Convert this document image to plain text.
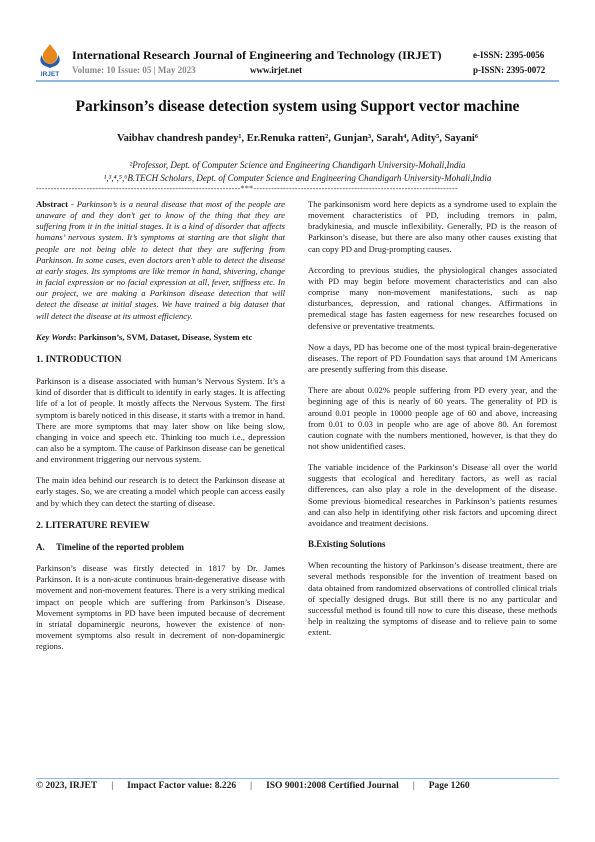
IRJET
International Research Journal of Engineering and Technology (IRJET)
Volume: 10 Issue: 05 | May 2023	www.irjet.net
e-ISSN: 2395-0056
p-ISSN: 2395-0072
Parkinson’s disease detection system using Support vector machine
Vaibhav chandresh pandey¹, Er.Renuka ratten², Gunjan³, Sarah⁴, Adity⁵, Sayani⁶
²Professor, Dept. of Computer Science and Engineering Chandigarh University-Mohali,India
¹,³,⁴,⁵,⁶B.TECH Scholars, Dept. of Computer Science and Engineering Chandigarh University-Mohali,India
---------------------------------------------------------------------***---------------------------------------------------------------------

Abstract - Parkinson’s is a neural disease that most of the people are unaware of and they don’t get to know of the thing that they are suffering from it in the initial stages. It is a kind of disorder that affects humans’ nervous system. It’s symptoms at starting are that slight that people are not being able to detect that they are suffering from Parkinson. In some cases, even doctors aren’t able to detect the disease at early stages. Its symptoms are like tremor in hand, shivering, change in facial expression or no facial expression at all, fever, stiffness etc. In our project, we are making a Parkinson disease detection that will detect the disease at initial stages. We have trained a big dataset that will detect the disease at its utmost efficiency.

Key Words: Parkinson’s, SVM, Dataset, Disease, System etc

1. INTRODUCTION

Parkinson is a disease associated with human’s Nervous System. It’s a kind of disorder that is difficult to identify in early stages. It is affecting life of a lot of people. It mostly affects the Nervous System. The first symptom is barely noticed in this disease, it starts with a tremor in hand. There are more symptoms that may later show on like being slow, changing in voice and speech etc. Thinking too much i.e., depression can also be a symptom. The cause of Parkinson disease can be genetical and environment triggering our nervous system.

The main idea behind our research is to detect the Parkinson disease at early stages. So, we are creating a model which people can access easily and by which they can detect the starting of disease.

2. LITERATURE REVIEW
A. Timeline of the reported problem

Parkinson’s disease was firstly detected in 1817 by Dr. James Parkinson. It is a non-acute continuous brain-degenerative disease with movement and non-movement features. There is a very striking medical impact on people which are suffering from Parkinson’s Disease. Movement symptoms in PD have been imputed because of decrement in striatal dopaminergic neurons, however the existence of non-movement symptoms also result in decrement of non-dopaminergic regions.

The parkinsonism word here depicts as a syndrome used to explain the movement characteristics of PD, including tremors in palm, bradykinesia, and muscle inflexibility. Generally, PD is the reason of Parkinson’s disease, but there are also many other causes existing that can copy PD and Drug-prompting causes.

According to previous studies, the physiological changes associated with PD may begin before movement characteristics and can also comprise many non-movement manifestations, such as nap disturbances, depression, and rational changes. Affirmations in premedical stage has fasten eagerness for new researches focused on defensive or preventative treatments.

Now a days, PD has become one of the most typical brain-degenerative diseases. The report of PD Foundation says that around 1M Americans are presently suffering from this disease.

There are about 0.02% people suffering from PD every year, and the beginning age of this is nearly of 60 years. The generality of PD is around 0.01 people in 10000 people age of 60 and above, increasing from 0.01 to 0.03 in people who are age of above 80. An foremost caution cognate with the numbers mentioned, however, is that they do not show unidentified cases.

The variable incidence of the Parkinson’s Disease all over the world suggests that ecological and hereditary factors, as well as racial differences, can also play a role in the development of the disease. Some previous biomedical researches in Parkinson’s patients resumes and can also help in identifying other risk factors and upcoming direct avoidance and treatment decisions.

B.Existing Solutions

When recounting the history of Parkinson’s disease treatment, there are several methods responsible for the invention of treatment based on data obtained from randomized observations of controlled clinical trials of specially designed drugs. But still there is no any particular and successful method is found till now to cure this disease, these methods help in realizing the symptoms of disease and to relieve pain to some extent.

© 2023, IRJET | Impact Factor value: 8.226 | ISO 9001:2008 Certified Journal | Page 1260
